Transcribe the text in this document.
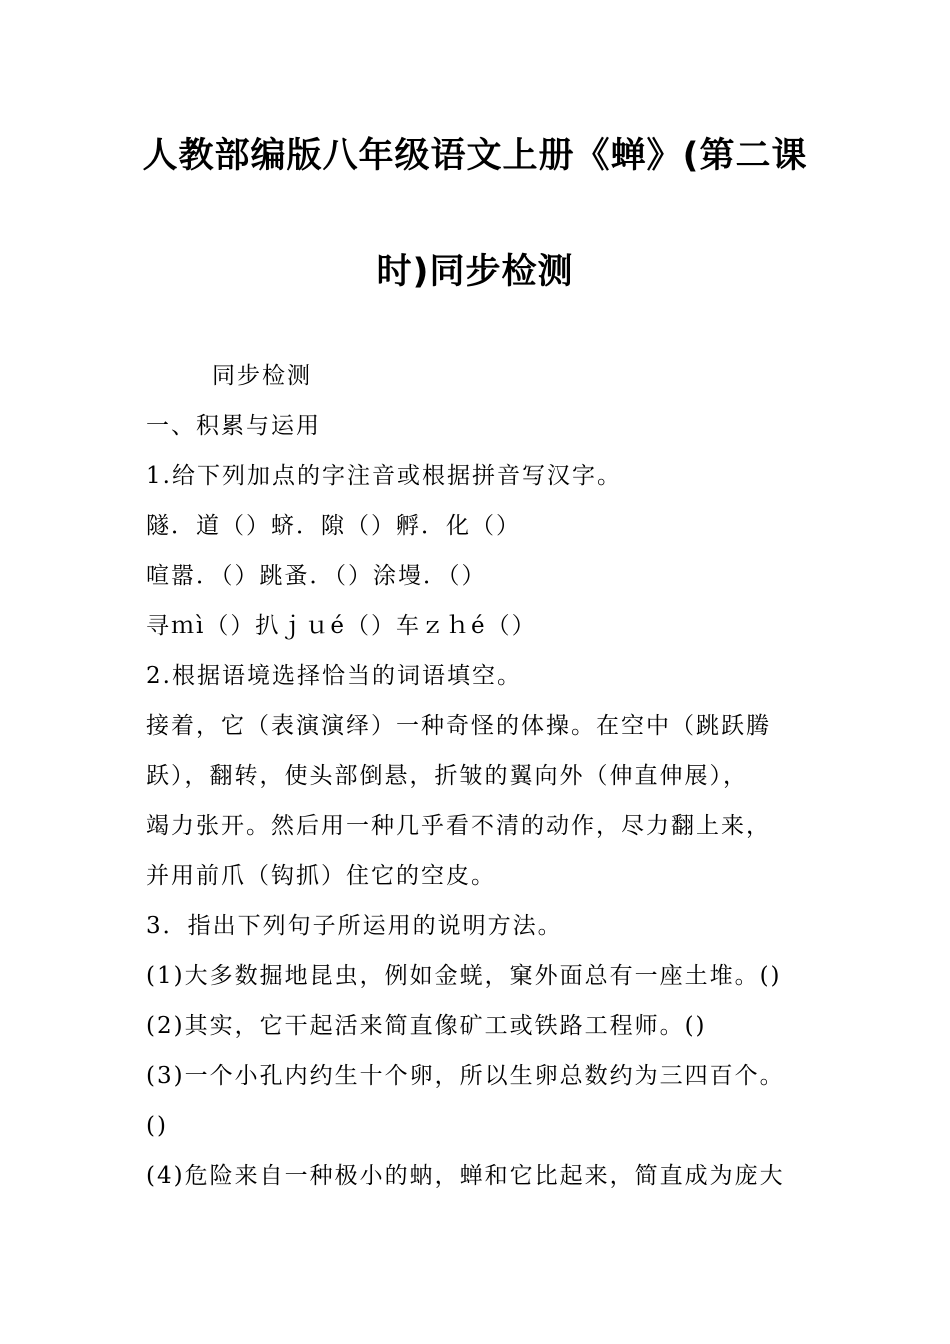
人教部编版八年级语文上册《蝉》(第二课
时)同步检测
同步检测
一、积累与运用
1.给下列加点的字注音或根据拼音写汉字。
隧．道（）蛴．隙（）孵．化（）
喧嚣．（）跳蚤．（）涂墁．（）
寻ｍì（）扒ｊｕé（）车ｚｈé（）
2.根据语境选择恰当的词语填空。
接着，它（表演演绎）一种奇怪的体操。在空中（跳跃腾
跃），翻转，使头部倒悬，折皱的翼向外（伸直伸展），
竭力张开。然后用一种几乎看不清的动作，尽力翻上来，
并用前爪（钩抓）住它的空皮。
3．指出下列句子所运用的说明方法。
(1)大多数掘地昆虫，例如金蜣，窠外面总有一座土堆。()
(2)其实，它干起活来简直像矿工或铁路工程师。()
(3)一个小孔内约生十个卵，所以生卵总数约为三四百个。
()
(4)危险来自一种极小的蚋，蝉和它比起来，简直成为庞大
